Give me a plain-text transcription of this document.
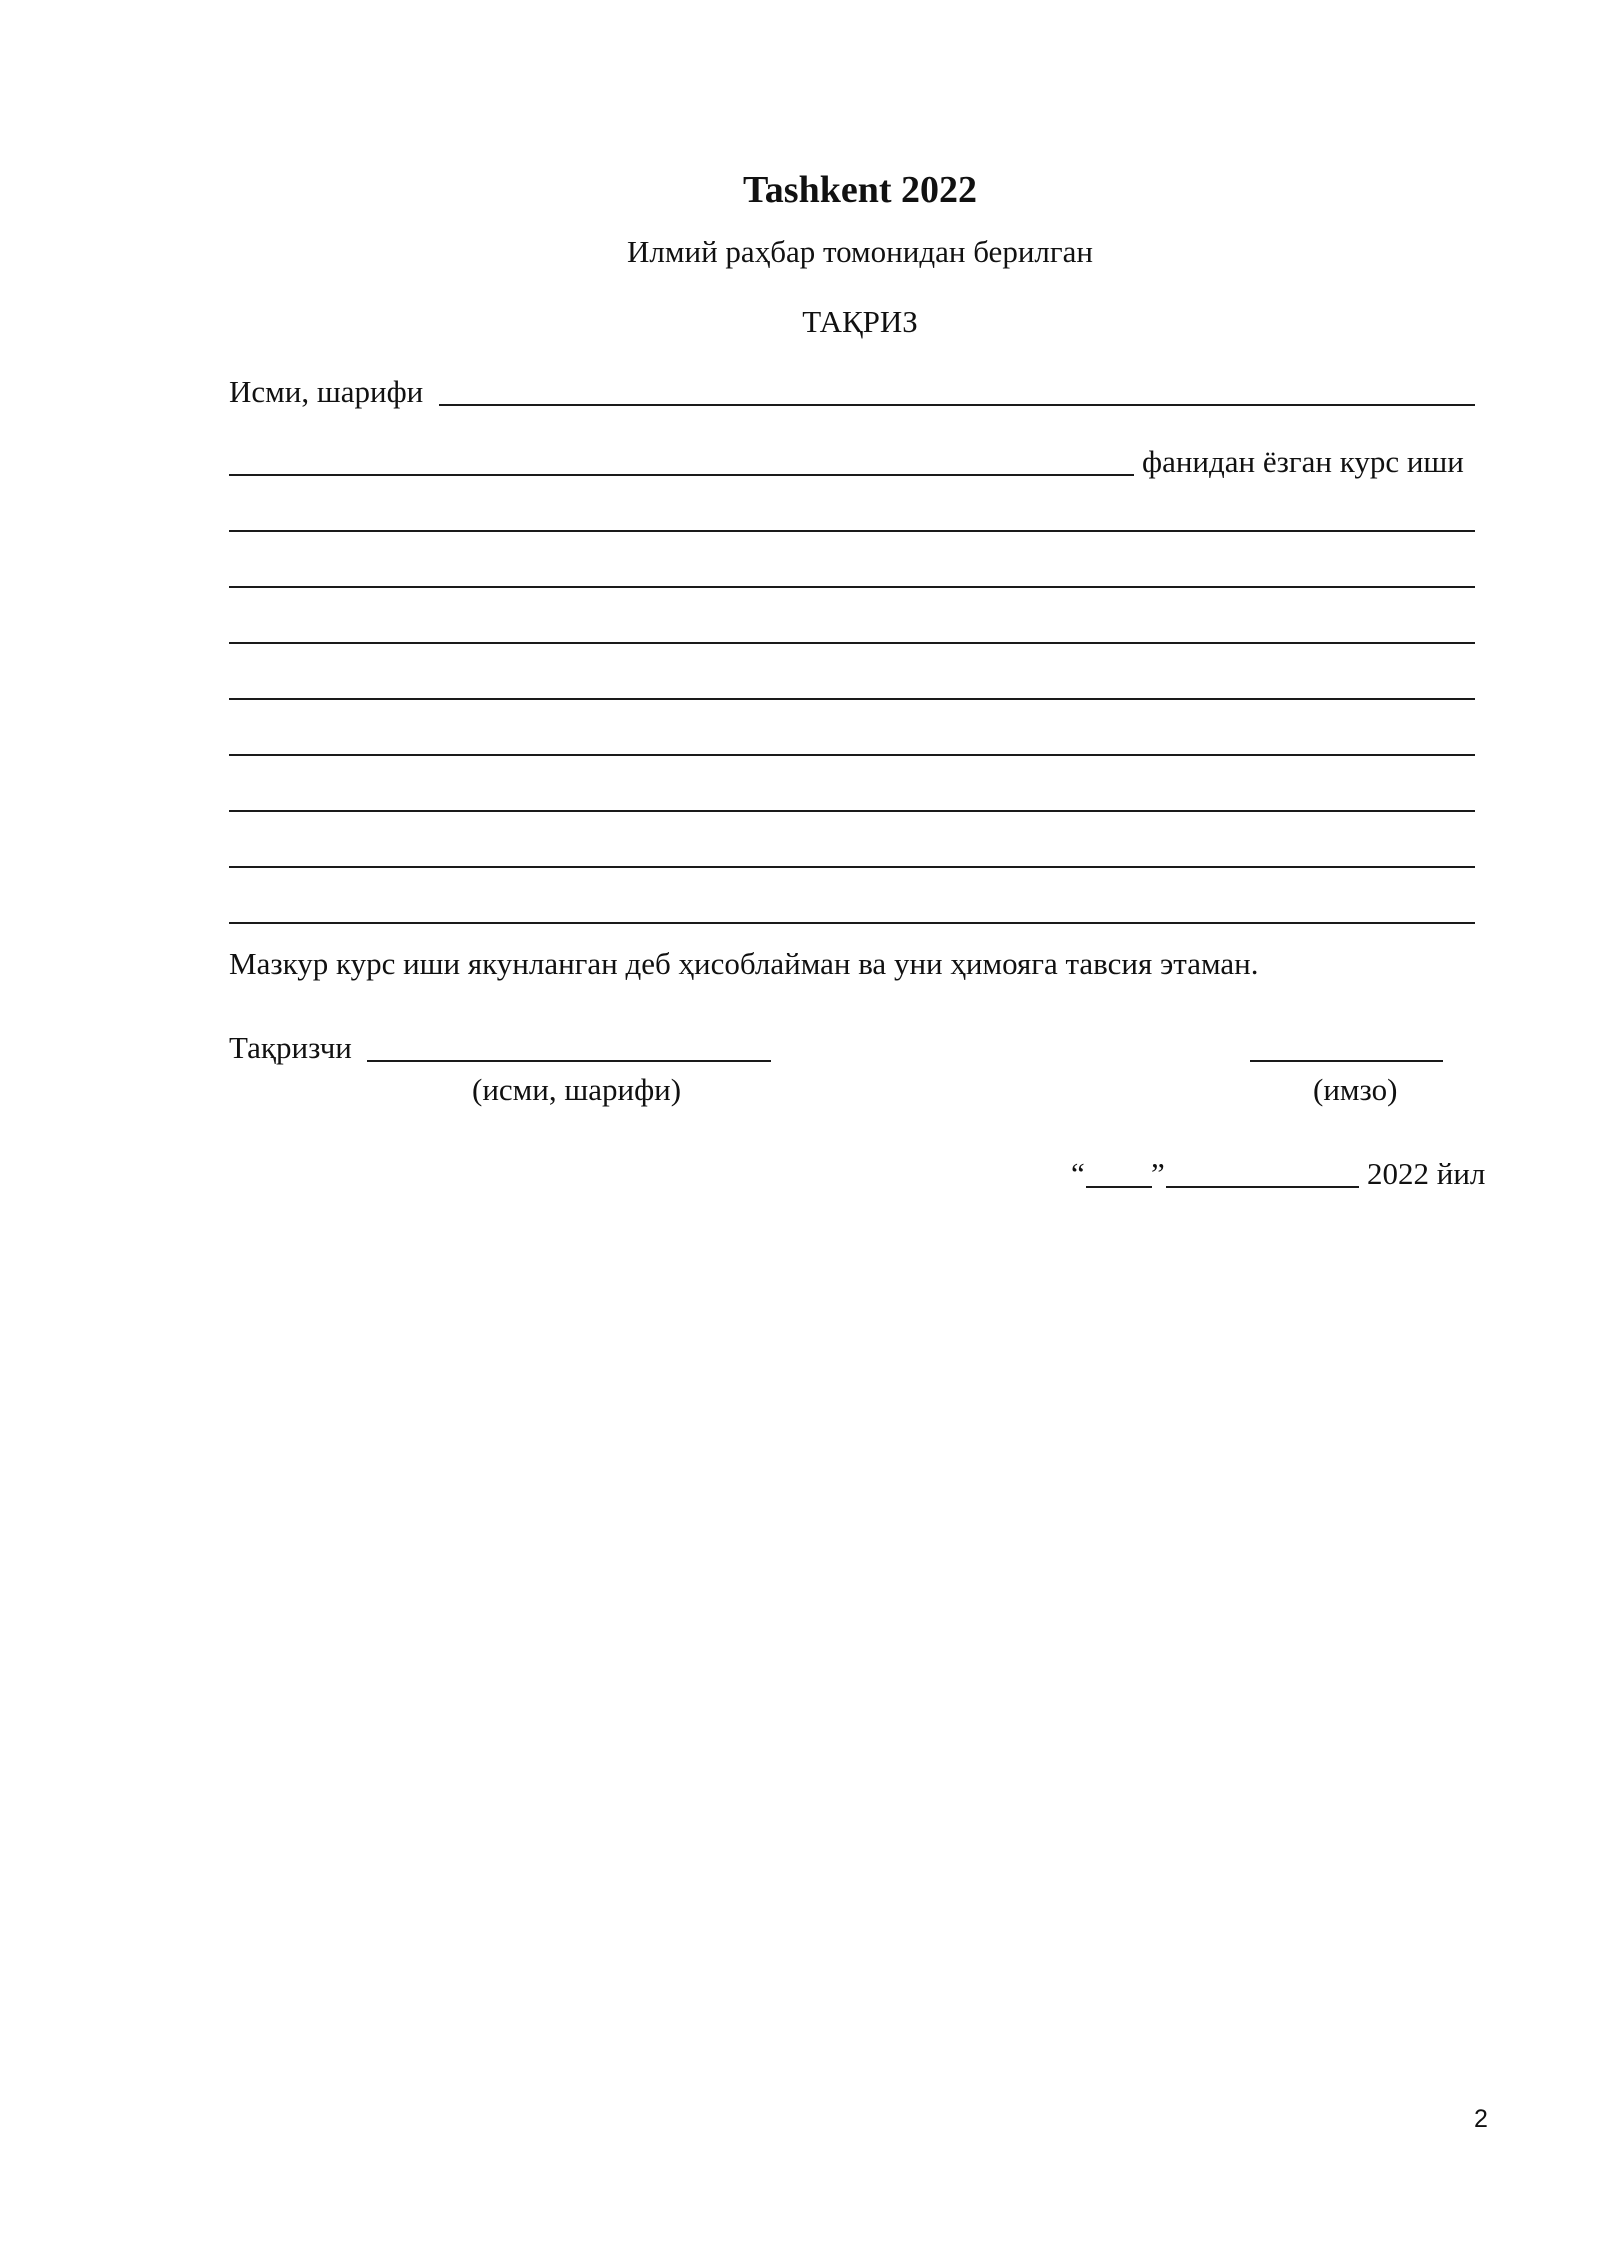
Tashkent 2022
Илмий раҳбар томонидан берилган
ТАҚРИЗ
Исми, шарифи
фанидан ёзган курс иши
Мазкур курс иши якунланган деб ҳисоблайман ва уни ҳимояга тавсия этаман.
Тақризчи
(исми, шарифи)	(имзо)
“ ”	2022 йил
2
